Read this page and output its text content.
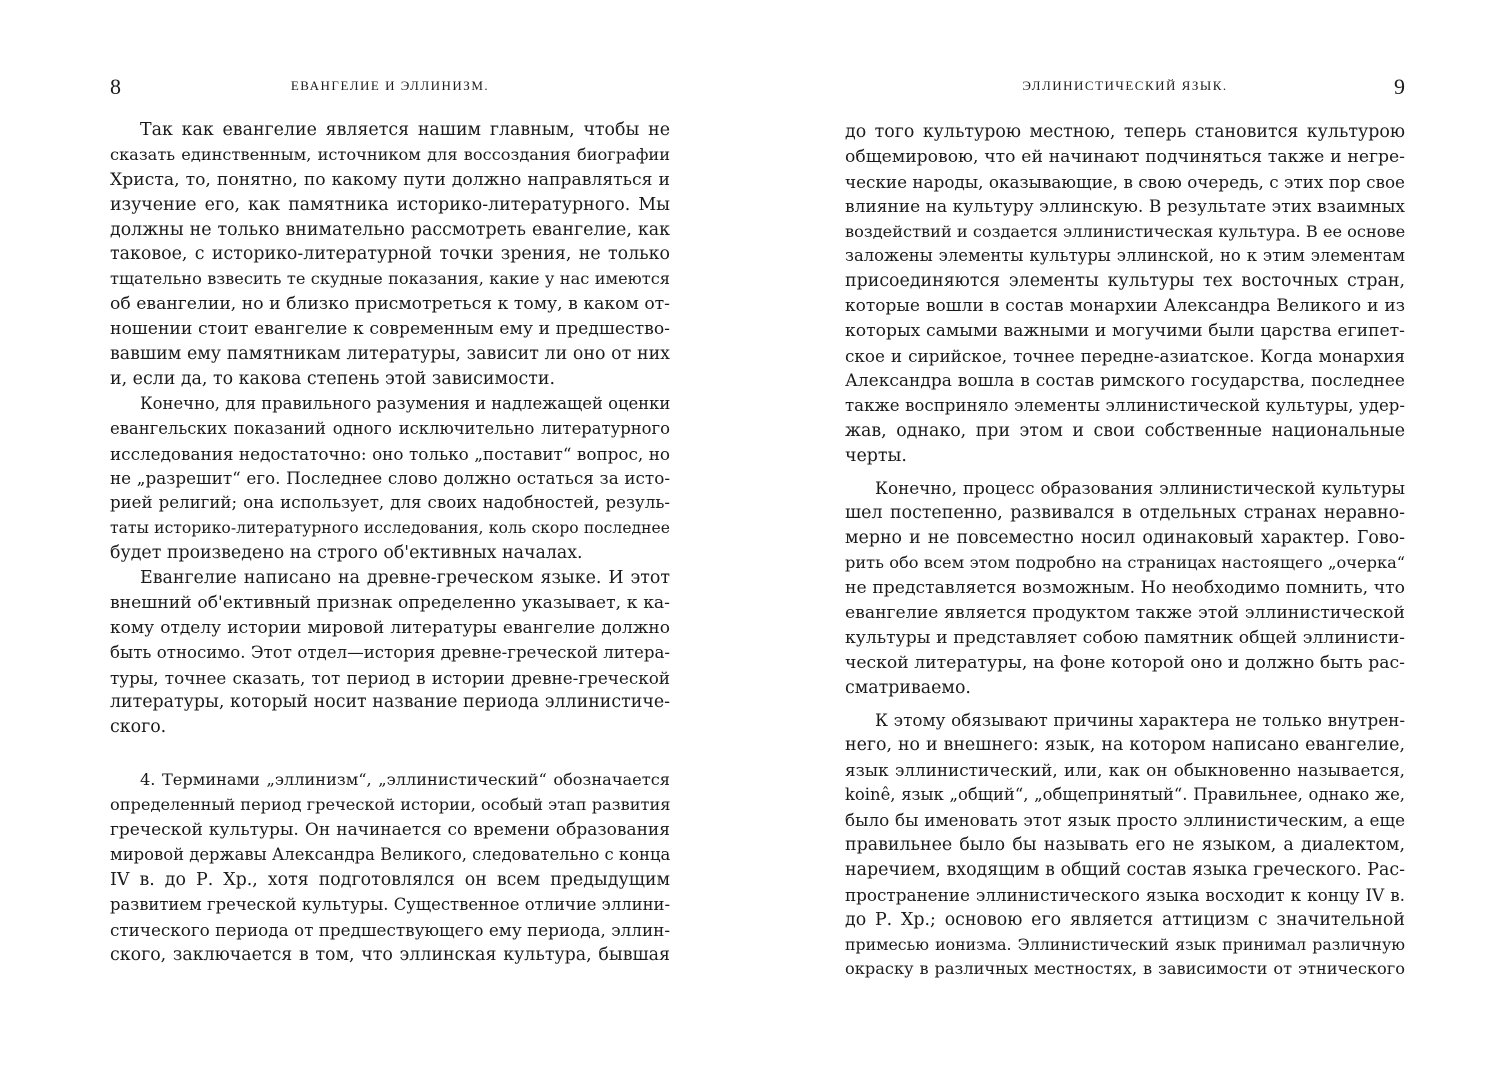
8	ЕВАНГЕЛИЕ И ЭЛЛИНИЗМ.
Так как евангелие является нашим главным, чтобы не
сказать единственным, источником для воссоздания биографии
Христа, то, понятно, по какому пути должно направляться и
изучение его, как памятника историко-литературного. Мы
должны не только внимательно рассмотреть евангелие, как
таковое, с историко-литературной точки зрения, не только
тщательно взвесить те скудные показания, какие у нас имеются
об евангелии, но и близко присмотреться к тому, в каком от-
ношении стоит евангелие к современным ему и предшество-
вавшим ему памятникам литературы, зависит ли оно от них
и, если да, то какова степень этой зависимости.
Конечно, для правильного разумения и надлежащей оценки
евангельских показаний одного исключительно литературного
исследования недостаточно: оно только „поставит“ вопрос, но
не „разрешит“ его. Последнее слово должно остаться за исто-
рией религий; она использует, для своих надобностей, резуль-
таты историко-литературного исследования, коль скоро последнее
будет произведено на строго об'ективных началах.
Евангелие написано на древне-греческом языке. И этот
внешний об'ективный признак определенно указывает, к ка-
кому отделу истории мировой литературы евангелие должно
быть относимо. Этот отдел—история древне-греческой литера-
туры, точнее сказать, тот период в истории древне-греческой
литературы, который носит название периода эллинистиче-
ского.
4. Терминами „эллинизм“, „эллинистический“ обозначается
определенный период греческой истории, особый этап развития
греческой культуры. Он начинается со времени образования
мировой державы Александра Великого, следовательно с конца
IV в. до Р. Хр., хотя подготовлялся он всем предыдущим
развитием греческой культуры. Существенное отличие эллини-
стического периода от предшествующего ему периода, эллин-
ского, заключается в том, что эллинская культура, бывшая
ЭЛЛИНИСТИЧЕСКИЙ ЯЗЫК.	9
до того культурою местною, теперь становится культурою
общемировою, что ей начинают подчиняться также и негре-
ческие народы, оказывающие, в свою очередь, с этих пор свое
влияние на культуру эллинскую. В результате этих взаимных
воздействий и создается эллинистическая культура. В ее основе
заложены элементы культуры эллинской, но к этим элементам
присоединяются элементы культуры тех восточных стран,
которые вошли в состав монархии Александра Великого и из
которых самыми важными и могучими были царства египет-
ское и сирийское, точнее передне-азиатское. Когда монархия
Александра вошла в состав римского государства, последнее
также восприняло элементы эллинистической культуры, удер-
жав, однако, при этом и свои собственные национальные
черты.
Конечно, процесс образования эллинистической культуры
шел постепенно, развивался в отдельных странах неравно-
мерно и не повсеместно носил одинаковый характер. Гово-
рить обо всем этом подробно на страницах настоящего „очерка“
не представляется возможным. Но необходимо помнить, что
евангелие является продуктом также этой эллинистической
культуры и представляет собою памятник общей эллинисти-
ческой литературы, на фоне которой оно и должно быть рас-
сматриваемо.
К этому обязывают причины характера не только внутрен-
него, но и внешнего: язык, на котором написано евангелие,
язык эллинистический, или, как он обыкновенно называется,
koinê, язык „общий“, „общепринятый“. Правильнее, однако же,
было бы именовать этот язык просто эллинистическим, а еще
правильнее было бы называть его не языком, а диалектом,
наречием, входящим в общий состав языка греческого. Рас-
пространение эллинистического языка восходит к концу IV в.
до Р. Хр.; основою его является аттицизм с значительной
примесью ионизма. Эллинистический язык принимал различную
окраску в различных местностях, в зависимости от этнического
